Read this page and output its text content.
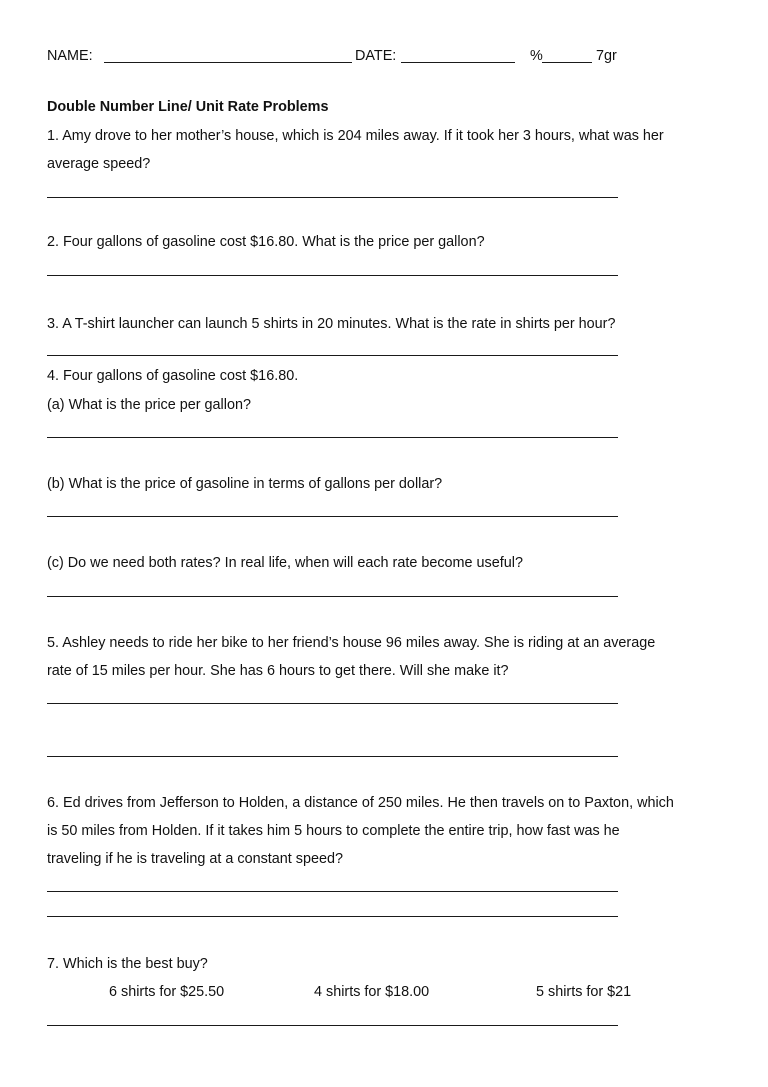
NAME:	DATE:	%	7gr
Double Number Line/ Unit Rate Problems
1. Amy drove to her mother’s house, which is 204 miles away. If it took her 3 hours, what was her
average speed?
2. Four gallons of gasoline cost $16.80. What is the price per gallon?
3. A T-shirt launcher can launch 5 shirts in 20 minutes. What is the rate in shirts per hour?
4. Four gallons of gasoline cost $16.80.
(a) What is the price per gallon?
(b) What is the price of gasoline in terms of gallons per dollar?
(c) Do we need both rates? In real life, when will each rate become useful?
5. Ashley needs to ride her bike to her friend’s house 96 miles away. She is riding at an average
rate of 15 miles per hour. She has 6 hours to get there. Will she make it?
6. Ed drives from Jefferson to Holden, a distance of 250 miles. He then travels on to Paxton, which
is 50 miles from Holden. If it takes him 5 hours to complete the entire trip, how fast was he
traveling if he is traveling at a constant speed?
7. Which is the best buy?
6 shirts for $25.50	4 shirts for $18.00	5 shirts for $21
